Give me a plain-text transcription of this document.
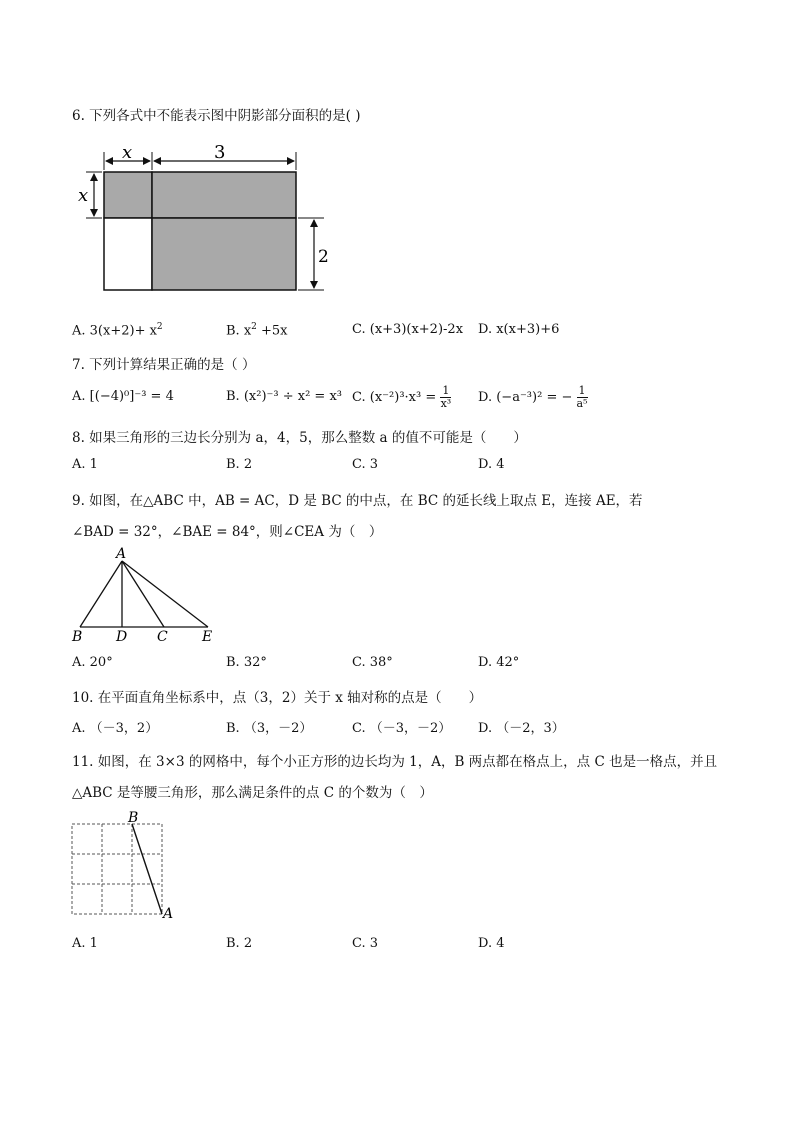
6. 下列各式中不能表示图中阴影部分面积的是( )
x	3
x
2
A. $3(x+2)+ x^2$	B. $x^2 +5x$	C. (x+3)(x+2)-2x D. x(x+3)+6
7. 下列计算结果正确的是（ ）
A. [(−4)⁰]⁻³ = 4	B. (x²)⁻³ ÷ x² = x³ C. $(x^{-2})^3\cdot x^3 = \frac{1}{\text{x³}} D$. (−a⁻³)² = − $\frac{1}{\text{a⁵}}$
8. 如果三角形的三边长分别为 a，4，5，那么整数 a 的值不可能是（　　）
A. 1	B. 2	C. 3	D. 4
9. 如图，在△ABC 中，AB = AC，D 是 BC 的中点，在 BC 的延长线上取点 E，连接 AE，若
∠BAD = 32°，∠BAE = 84°，则∠CEA 为（　）
A
B D C E
A. 20°	B. 32°	C. 38°	D. 42°
10. 在平面直角坐标系中，点（3，2）关于 x 轴对称的点是（　　）
A. （－3，2）	B. （3，－2）	C. （－3，－2） D. （－2，3）
11. 如图，在 3×3 的网格中，每个小正方形的边长均为 1，A，B 两点都在格点上，点 C 也是一格点，并且
△ABC 是等腰三角形，那么满足条件的点 C 的个数为（　）
B
A
A. 1	B. 2	C. 3	D. 4
